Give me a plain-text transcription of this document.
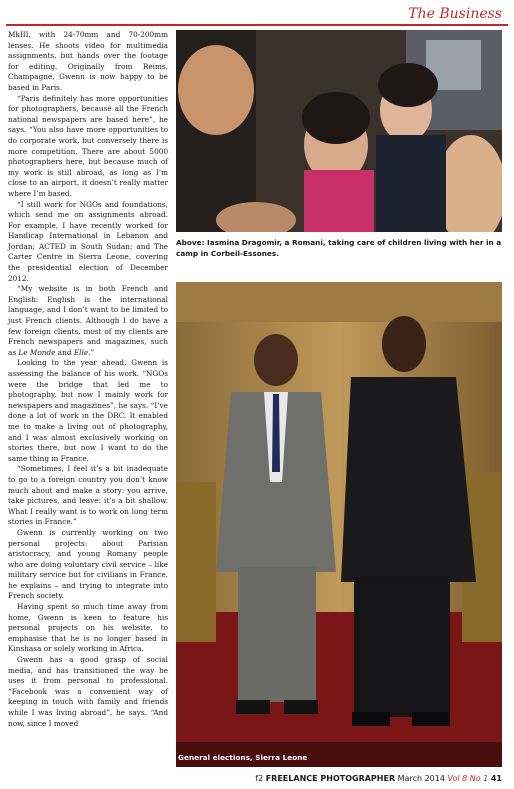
The Business

MkIII, with 24-70mm and 70-200mm lenses. He shoots video for multimedia assignments, but hands over the footage for editing. Originally from Reims, Champagne, Gwenn is now happy to be based in Paris.

“Paris definitely has more opportunities for photographers, because all the French national newspapers are based here”, he says. “You also have more opportunities to do corporate work, but conversely there is more competition. There are about 5000 photographers here, but because much of my work is still abroad, as long as I’m close to an airport, it doesn’t really matter where I’m based.

“I still work for NGOs and foundations, which send me on assignments abroad. For example, I have recently worked for Handicap International in Lebanon and Jordan; ACTED in South Sudan; and The Carter Centre in Sierra Leone, covering the presidential election of December 2012.

“My website is in both French and English: English is the international language, and I don’t want to be limited to just French clients. Although I do have a few foreign clients, most of my clients are French newspapers and magazines, such as Le Monde and Elle.”

Looking to the year ahead, Gwenn is assessing the balance of his work. “NGOs were the bridge that led me to photography, but now I mainly work for newspapers and magazines”, he says. “I’ve done a lot of work in the DRC. It enabled me to make a living out of photography, and I was almost exclusively working on stories there, but now I want to do the same thing in France.

“Sometimes, I feel it’s a bit inadequate to go to a foreign country you don’t know much about and make a story: you arrive, take pictures, and leave: it’s a bit shallow. What I really want is to work on long term stories in France.”

Gwenn is currently working on two personal projects: about Parisian aristocracy, and young Romany people who are doing voluntary civil service – like military service but for civilians in France, he explains – and trying to integrate into French society.

Having spent so much time away from home, Gwenn is keen to feature his personal projects on his website, to emphasise that he is no longer based in Kinshasa or solely working in Africa.

Gwenn has a good grasp of social media, and has transitioned the way he uses it from personal to professional. “Facebook was a convenient way of keeping in touch with family and friends while I was living abroad”, he says. “And now, since I moved

Above: Iasmina Dragomir, a Romani, taking care of children living with her in a camp in Corbeil-Essones.
General elections, Sierra Leone
f2 FREELANCE PHOTOGRAPHER March 2014 Vol 8 No 1 41
